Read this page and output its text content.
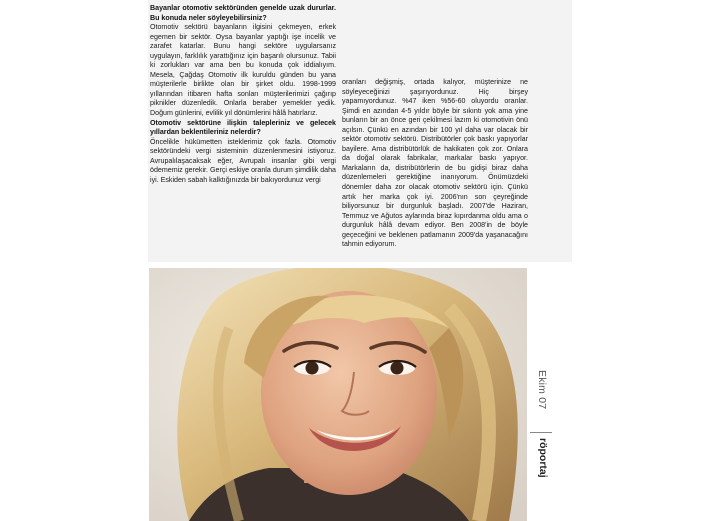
Bayanlar otomotiv sektöründen genelde uzak dururlar. Bu konuda neler söyleyebilirsiniz?

Otomotiv sektörü bayanların ilgisini çekmeyen, erkek egemen bir sektör. Oysa bayanlar yaptığı işe incelik ve zarafet katarlar. Bunu hangi sektöre uygularsanız uygulayın, farklılık yarattığınız için başarılı olursunuz. Tabii ki zorlukları var ama ben bu konuda çok iddialıyım. Mesela, Çağdaş Otomotiv ilk kuruldu günden bu yana müşterilerle birlikte olan bir şirket oldu. 1998-1999 yıllarından itibaren hafta sonları müşterilerimizi çağırıp piknikler düzenledik. Onlarla beraber yemekler yedik. Doğum günlerini, evlilik yıl dönümlerini hâlâ hatırlarız.

Otomotiv sektörüne ilişkin talepleriniz ve gelecek yıllardan beklentileriniz nelerdir?

Öncelikle hükümetten isteklerimiz çok fazla. Otomotiv sektöründeki vergi sisteminin düzenlenmesini istiyoruz. Avrupalılaşacaksak eğer, Avrupalı insanlar gibi vergi ödememiz gerekir. Gerçi eskiye oranla durum şimdilik daha iyi. Eskiden sabah kalktığınızda bir bakıyordunuz vergi

oranları değişmiş, ortada kalıyor, müşterinize ne söyleyeceğinizi şaşırıyordunuz. Hiç birşey yapamıyordunuz. %47 iken %56-60 oluyordu oranlar. Şimdi en azından 4-5 yıldır böyle bir sıkıntı yok ama yine bunların bir an önce geri çekilmesi lazım ki otomotivin önü açılsın. Çünkü en azından bir 100 yıl daha var olacak bir sektör otomotiv sektörü. Distribütörler çok baskı yapıyorlar bayilere. Ama distribütörlük de hakikaten çok zor. Onlara da doğal olarak fabrikalar, markalar baskı yapıyor. Markaların da, distribütörlerin de bu gidişi biraz daha düzenlemeleri gerektiğine inanıyorum. Önümüzdeki dönemler daha zor olacak otomotiv sektörü için. Çünkü artık her marka çok iyi. 2006'nın son çeyreğinde biliyorsunuz bir durgunluk başladı. 2007'de Haziran, Temmuz ve Ağutos aylarında biraz kıpırdanma oldu ama o durgunluk hâlâ devam ediyor. Ben 2008'in de böyle geçeceğini ve beklenen patlamanın 2009'da yaşanacağını tahmin ediyorum.

Ekim 07
röportaj
